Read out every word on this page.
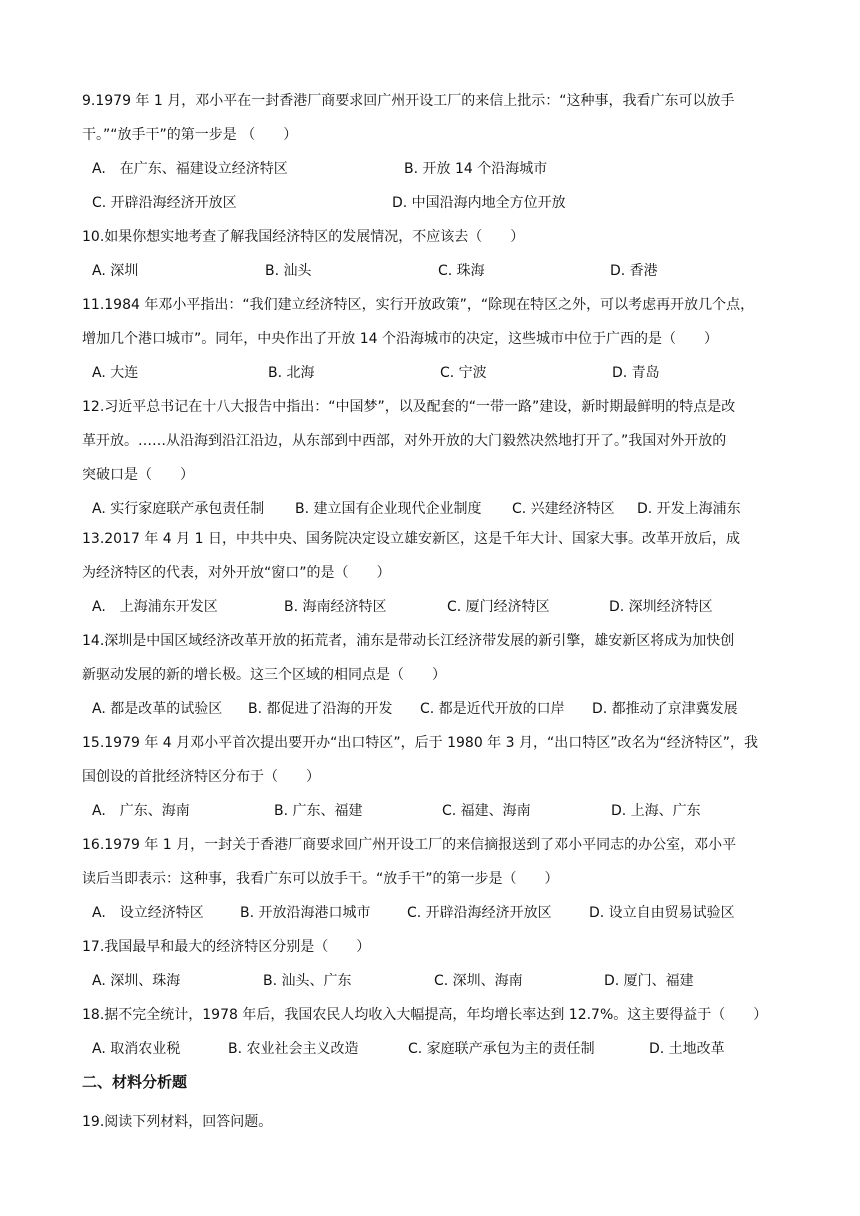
9.1979 年 1 月，邓小平在一封香港厂商要求回广州开设工厂的来信上批示：“这种事，我看广东可以放手

干。”“放手干”的第一步是 （　　）

A.　在广东、福建设立经济特区	B. 开放 14 个沿海城市
C. 开辟沿海经济开放区	D. 中国沿海内地全方位开放

10.如果你想实地考查了解我国经济特区的发展情况，不应该去（　　）

A. 深圳	B. 汕头	C. 珠海	D. 香港

11.1984 年邓小平指出：“我们建立经济特区，实行开放政策”，“除现在特区之外，可以考虑再开放几个点，

增加几个港口城市”。同年，中央作出了开放 14 个沿海城市的决定，这些城市中位于广西的是（　　）

A. 大连	B. 北海	C. 宁波	D. 青岛

12.习近平总书记在十八大报告中指出：“中国梦”，以及配套的“一带一路”建设，新时期最鲜明的特点是改

革开放。……从沿海到沿江沿边，从东部到中西部，对外开放的大门毅然决然地打开了。”我国对外开放的

突破口是（　　）

A. 实行家庭联产承包责任制 B. 建立国有企业现代企业制度 C. 兴建经济特区 D. 开发上海浦东

13.2017 年 4 月 1 日，中共中央、国务院决定设立雄安新区，这是千年大计、国家大事。改革开放后，成

为经济特区的代表，对外开放“窗口”的是（　　）

A.　上海浦东开发区	B. 海南经济特区	C. 厦门经济特区	D. 深圳经济特区

14.深圳是中国区域经济改革开放的拓荒者，浦东是带动长江经济带发展的新引擎，雄安新区将成为加快创

新驱动发展的新的增长极。这三个区域的相同点是（　　）

A. 都是改革的试验区 B. 都促进了沿海的开发 C. 都是近代开放的口岸 D. 都推动了京津冀发展

15.1979 年 4 月邓小平首次提出要开办“出口特区”，后于 1980 年 3 月，“出口特区”改名为“经济特区”，我

国创设的首批经济特区分布于（　　）

A.　广东、海南	B. 广东、福建	C. 福建、海南	D. 上海、广东

16.1979 年 1 月，一封关于香港厂商要求回广州开设工厂的来信摘报送到了邓小平同志的办公室，邓小平

读后当即表示：这种事，我看广东可以放手干。“放手干”的第一步是（　　）

A.　设立经济特区	B. 开放沿海港口城市	C. 开辟沿海经济开放区	D. 设立自由贸易试验区

17.我国最早和最大的经济特区分别是（　　）

A. 深圳、珠海	B. 汕头、广东	C. 深圳、海南	D. 厦门、福建

18.据不完全统计，1978 年后，我国农民人均收入大幅提高，年均增长率达到 12.7%。这主要得益于（　　）

A. 取消农业税	B. 农业社会主义改造	C. 家庭联产承包为主的责任制	D. 土地改革
二、材料分析题
19.阅读下列材料，回答问题。
